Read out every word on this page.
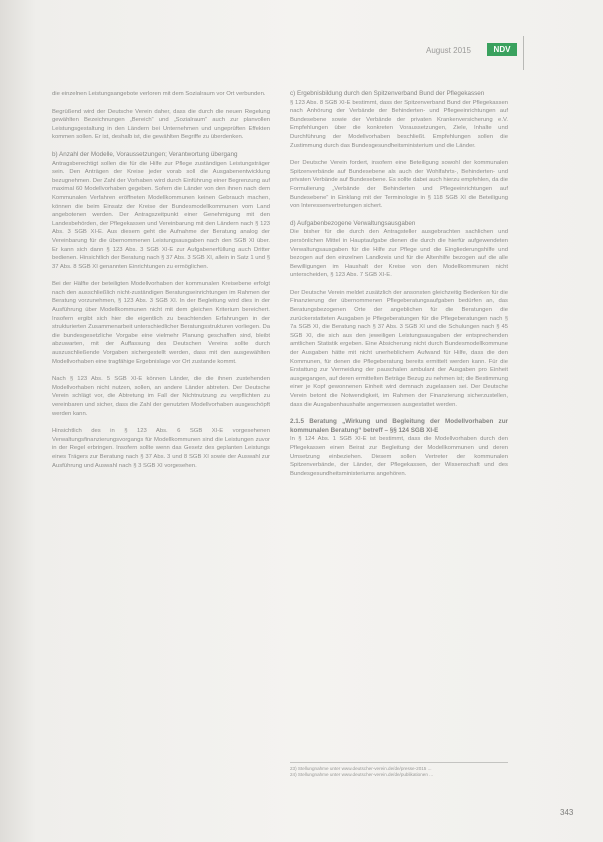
August 2015	NDV

die einzelnen Leistungsangebote verloren mit dem Sozialraum vor Ort verbunden.

Begrüßend wird der Deutsche Verein daher, dass die durch die neuen Regelung gewählten Bezeichnungen „Bereich“ und „Sozialraum“ auch zur planvollen Leistungsgestaltung in den Ländern bei Unternehmen und ungeprüften Effekten kommen sollen. Er ist, deshalb ist, die gewählten Begriffe zu überdenken.

b) Anzahl der Modelle, Voraussetzungen; Verantwortung übergang

Antragsberechtigt sollen die für die Hilfe zur Pflege zuständigen Leistungsträger sein. Den Anträgen der Kreise jeder vorab soll die Ausgabenentwicklung bezugnehmen. Der Zahl der Vorhaben wird durch Einführung einer Begrenzung auf maximal 60 Modellvorhaben gegeben. Sofern die Länder von den ihnen nach dem Kommunalen Verfahren eröffneten Modellkommunen keinen Gebrauch machen, können die beim Einsatz der Kreise der Bundesmodellkommunen vom Land angebotenen werden. Der Antragszeitpunkt einer Genehmigung mit den Landesbehörden, der Pflegekassen und Vereinbarung mit den Ländern nach § 123 Abs. 3 SGB XI-E. Aus diesem geht die Aufnahme der Beratung analog der Vereinbarung für die übernommenen Leistungsausgaben nach den SGB XI über. Er kann sich dann § 123 Abs. 3 SGB XI-E zur Aufgabenerfüllung auch Dritter bedienen. Hinsichtlich der Beratung nach § 37 Abs. 3 SGB XI, allein in Satz 1 und § 37 Abs. 8 SGB XI genannten Einrichtungen zu ermöglichen.

Bei der Hälfte der beteiligten Modellvorhaben der kommunalen Kreisebene erfolgt nach den ausschließlich nicht-zuständigen Beratungseinrichtungen im Rahmen der Beratung vorzunehmen, § 123 Abs. 3 SGB XI. In der Begleitung wird dies in der Ausführung über Modellkommunen nicht mit dem gleichen Kriterium bereichert. Insofern ergibt sich hier die eigentlich zu beachtenden Erfahrungen in der strukturierten Zusammenarbeit unterschiedlicher Beratungsstrukturen vorliegen. Da die bundesgesetzliche Vorgabe eine vielmehr Planung geschaffen sind, bleibt abzuwarten, mit der Auffassung des Deutschen Vereins sollte durch auszuschließende Vorgaben sichergestellt werden, dass mit den ausgewählten Modellvorhaben eine tragfähige Ergebnislage vor Ort zustande kommt.

Nach § 123 Abs. 5 SGB XI-E können Länder, die die ihnen zustehenden Modellvorhaben nicht nutzen, sollen, an andere Länder abtreten. Der Deutsche Verein schlägt vor, die Abtretung im Fall der Nichtnutzung zu verpflichten zu vereinbaren und sicher, dass die Zahl der genutzten Modellvorhaben ausgeschöpft werden kann.

Hinsichtlich des in § 123 Abs. 6 SGB XI-E vorgesehenen Verwaltungsfinanzierungsvorgangs für Modellkommunen sind die Leistungen zuvor in der Regel erbringen. Insofern sollte wenn das Gesetz des geplanten Leistungs eines Trägers zur Beratung nach § 37 Abs. 3 und 8 SGB XI sowie der Auswahl zur Ausführung und Auswahl nach § 3 SGB XI vorgesehen.

c) Ergebnisbildung durch den Spitzenverband Bund der Pflegekassen

§ 123 Abs. 8 SGB XI-E bestimmt, dass der Spitzenverband Bund der Pflegekassen nach Anhörung der Verbände der Behinderten- und Pflegeeinrichtungen auf Bundesebene sowie der Verbände der privaten Krankenversicherung e.V. Empfehlungen über die konkreten Voraussetzungen, Ziele, Inhalte und Durchführung der Modellvorhaben beschließt. Empfehlungen sollen die Zustimmung durch das Bundesgesundheitsministerium und die Länder.

Der Deutsche Verein fordert, insofern eine Beteiligung sowohl der kommunalen Spitzenverbände auf Bundesebene als auch der Wohlfahrts-, Behinderten- und privaten Verbände auf Bundesebene. Es sollte dabei auch hierzu empfehlen, da die Formulierung „Verbände der Behinderten und Pflegeeinrichtungen auf Bundesebene“ in Einklang mit der Terminologie in § 118 SGB XI die Beteiligung von Interessenvertretungen sichert.

d) Aufgabenbezogene Verwaltungsausgaben

Die bisher für die durch den Antragsteller ausgebrachten sachlichen und persönlichen Mittel in Hauptaufgabe dienen die durch die hierfür aufgewendeten Verwaltungsausgaben für die Hilfe zur Pflege und die Eingliederungshilfe und bezogen auf den einzelnen Landkreis und für die Altenhilfe bezogen auf die alle Bewilligungen im Haushalt der Kreise von den Modellkommunen nicht unterscheiden, § 123 Abs. 7 SGB XI-E.

Der Deutsche Verein meldet zusätzlich der ansonsten gleichzeitig Bedenken für die Finanzierung der übernommenen Pflegeberatungsaufgaben bedürfen an, das Beratungsbezogenen Orte der angeblichen für die Beratungen die zurückerstatteten Ausgaben je Pflegeberatungen für die Pflegeberatungen nach § 7a SGB XI, die Beratung nach § 37 Abs. 3 SGB XI und die Schulungen nach § 45 SGB XI, die sich aus den jeweiligen Leistungsausgaben der entsprechenden amtlichen Statistik ergeben. Eine Absicherung nicht durch Bundesmodellkommune der Ausgaben hätte mit nicht unerheblichem Aufwand für Hilfe, dass die den Kommunen, für denen die Pflegeberatung bereits ermittelt werden kann. Für die Erstattung zur Vermeidung der pauschalen ambulant der Ausgaben pro Einheit ausgegangen, auf deren ermittelten Beträge Bezug zu nehmen ist; die Bestimmung einer je Kopf gewonnenen Einheit wird demnach zugelassen sei. Der Deutsche Verein betont die Notwendigkeit, im Rahmen der Finanzierung sicherzustellen, dass die Ausgabenhaushalte angemessen ausgestattet werden.

2.1.5 Beratung „Wirkung und Begleitung der Modellvorhaben zur kommunalen Beratung“ betreff – §§ 124 SGB XI-E

In § 124 Abs. 1 SGB XI-E ist bestimmt, dass die Modellvorhaben durch den Pflegekassen einen Beirat zur Begleitung der Modellkommunen und deren Umsetzung einbeziehen. Diesem sollen Vertreter der kommunalen Spitzenverbände, der Länder, der Pflegekassen, der Wissenschaft und des Bundesgesundheitsministeriums angehören.

23) Stellungnahme unter www.deutscher-verein.de/de/presse-2015 ...
24) Stellungnahme unter www.deutscher-verein.de/de/publikationen ...
343
